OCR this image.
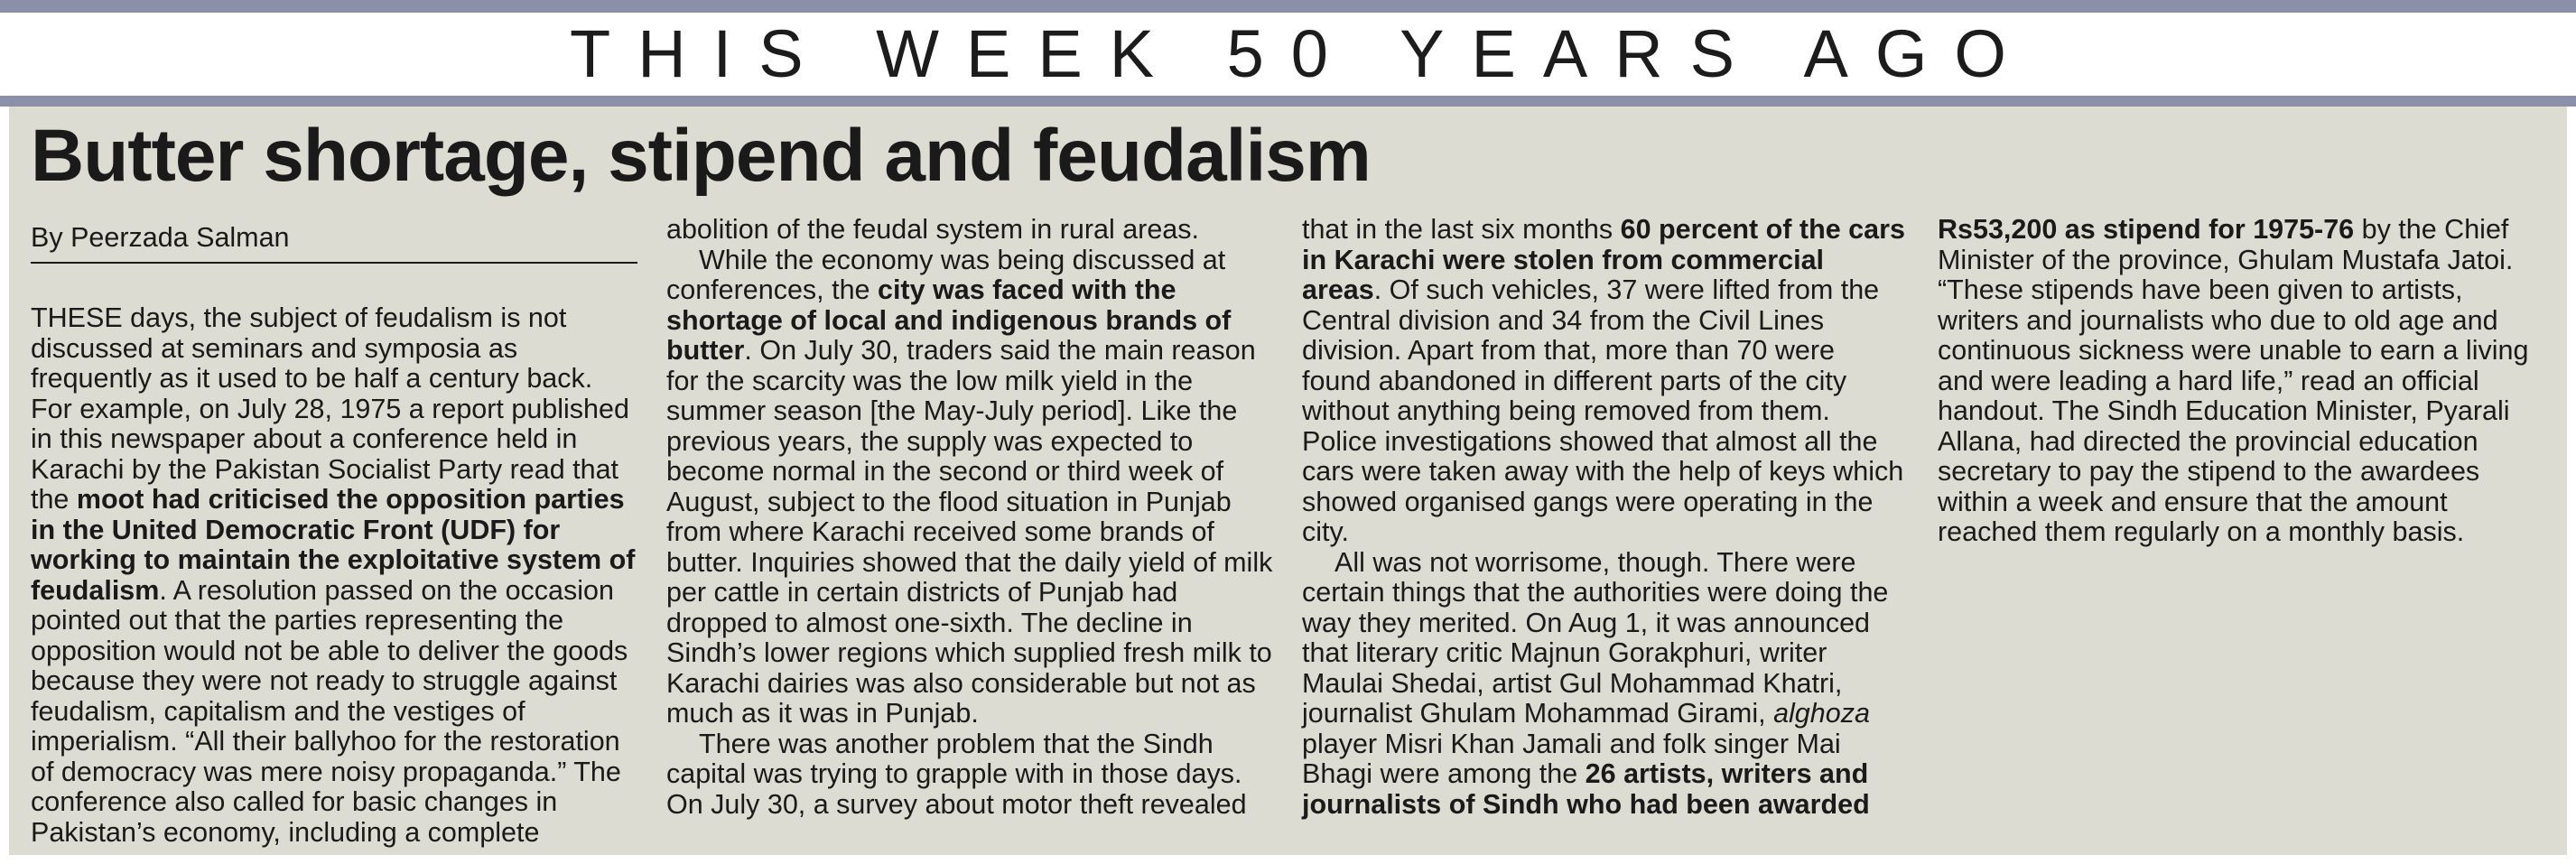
THIS WEEK 50 YEARS AGO
Butter shortage, stipend and feudalism
By Peerzada Salman

THESE days, the subject of feudalism is not discussed at seminars and symposia as frequently as it used to be half a century back. For example, on July 28, 1975 a report published in this newspaper about a conference held in Karachi by the Pakistan Socialist Party read that the moot had criticised the opposition parties in the United Democratic Front (UDF) for working to maintain the exploitative system of feudalism. A resolution passed on the occasion pointed out that the parties representing the opposition would not be able to deliver the goods because they were not ready to struggle against feudalism, capitalism and the vestiges of imperialism. “All their ballyhoo for the restoration of democracy was mere noisy propaganda.” The conference also called for basic changes in Pakistan’s economy, including a complete

abolition of the feudal system in rural areas.

While the economy was being discussed at conferences, the city was faced with the shortage of local and indigenous brands of butter. On July 30, traders said the main reason for the scarcity was the low milk yield in the summer season [the May-July period]. Like the previous years, the supply was expected to become normal in the second or third week of August, subject to the flood situation in Punjab from where Karachi received some brands of butter. Inquiries showed that the daily yield of milk per cattle in certain districts of Punjab had dropped to almost one-sixth. The decline in Sindh’s lower regions which supplied fresh milk to Karachi dairies was also considerable but not as much as it was in Punjab.

There was another problem that the Sindh capital was trying to grapple with in those days. On July 30, a survey about motor theft revealed

that in the last six months 60 percent of the cars in Karachi were stolen from commercial areas. Of such vehicles, 37 were lifted from the Central division and 34 from the Civil Lines division. Apart from that, more than 70 were found abandoned in different parts of the city without anything being removed from them. Police investigations showed that almost all the cars were taken away with the help of keys which showed organised gangs were operating in the city.

All was not worrisome, though. There were certain things that the authorities were doing the way they merited. On Aug 1, it was announced that literary critic Majnun Gorakphuri, writer Maulai Shedai, artist Gul Mohammad Khatri, journalist Ghulam Mohammad Girami, alghoza player Misri Khan Jamali and folk singer Mai Bhagi were among the 26 artists, writers and journalists of Sindh who had been awarded

Rs53,200 as stipend for 1975-76 by the Chief Minister of the province, Ghulam Mustafa Jatoi. “These stipends have been given to artists, writers and journalists who due to old age and continuous sickness were unable to earn a living and were leading a hard life,” read an official handout. The Sindh Education Minister, Pyarali Allana, had directed the provincial education secretary to pay the stipend to the awardees within a week and ensure that the amount reached them regularly on a monthly basis.
